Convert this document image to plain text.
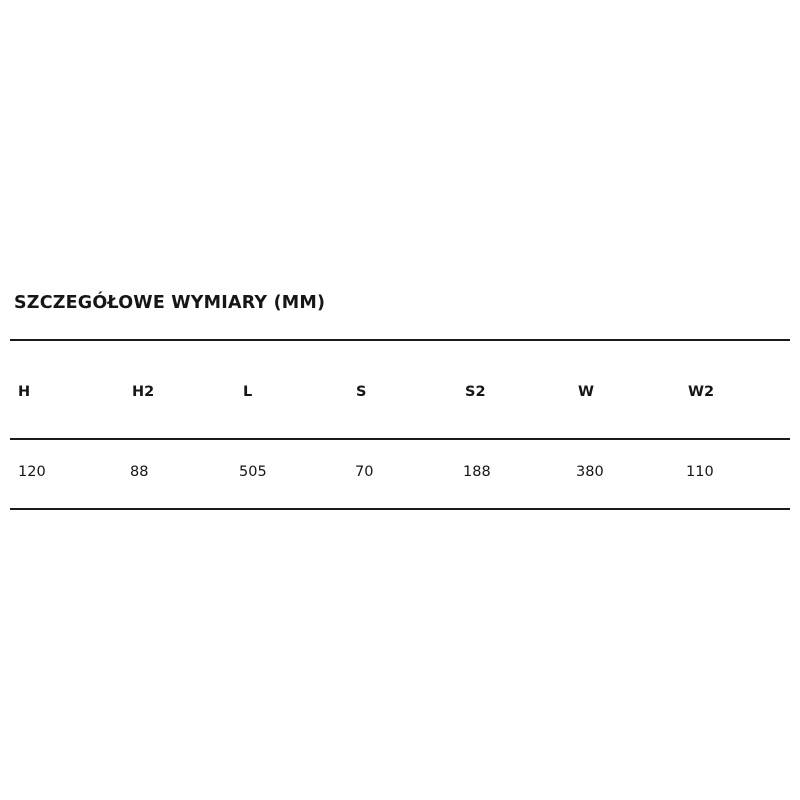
SZCZEGÓŁOWE WYMIARY (MM)
H	H2	L	S	S2	W	W2
120	88	505	70	188	380	110
